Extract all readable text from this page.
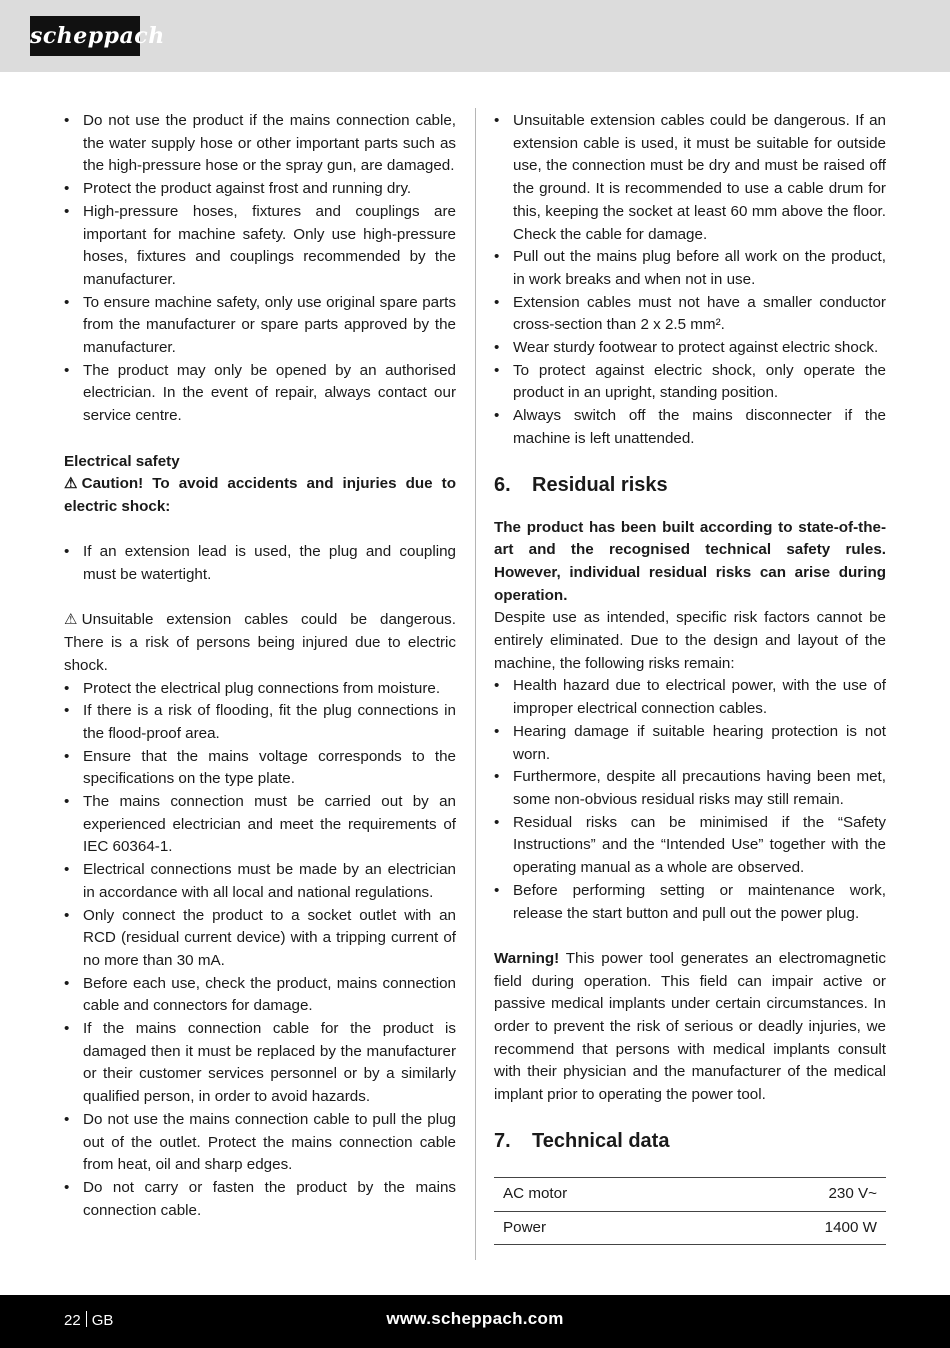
scheppach
• Do not use the product if the mains connection cable, the water supply hose or other important parts such as the high-pressure hose or the spray gun, are damaged.
• Protect the product against frost and running dry.
• High-pressure hoses, fixtures and couplings are important for machine safety. Only use high-pressure hoses, fixtures and couplings recommended by the manufacturer.
• To ensure machine safety, only use original spare parts from the manufacturer or spare parts approved by the manufacturer.
• The product may only be opened by an authorised electrician. In the event of repair, always contact our service centre.

Electrical safety

⚠ Caution! To avoid accidents and injuries due to electric shock:

• If an extension lead is used, the plug and coupling must be watertight.

⚠ Unsuitable extension cables could be dangerous. There is a risk of persons being injured due to electric shock.

• Protect the electrical plug connections from moisture.
• If there is a risk of flooding, fit the plug connections in the flood-proof area.
• Ensure that the mains voltage corresponds to the specifications on the type plate.
• The mains connection must be carried out by an experienced electrician and meet the requirements of IEC 60364-1.
• Electrical connections must be made by an electrician in accordance with all local and national regulations.
• Only connect the product to a socket outlet with an RCD (residual current device) with a tripping current of no more than 30 mA.
• Before each use, check the product, mains connection cable and connectors for damage.
• If the mains connection cable for the product is damaged then it must be replaced by the manufacturer or their customer services personnel or by a similarly qualified person, in order to avoid hazards.
• Do not use the mains connection cable to pull the plug out of the outlet. Protect the mains connection cable from heat, oil and sharp edges.
• Do not carry or fasten the product by the mains connection cable.
• Unsuitable extension cables could be dangerous. If an extension cable is used, it must be suitable for outside use, the connection must be dry and must be raised off the ground. It is recommended to use a cable drum for this, keeping the socket at least 60 mm above the floor. Check the cable for damage.
• Pull out the mains plug before all work on the product, in work breaks and when not in use.
• Extension cables must not have a smaller conductor cross-section than 2 x 2.5 mm².
• Wear sturdy footwear to protect against electric shock.
• To protect against electric shock, only operate the product in an upright, standing position.
• Always switch off the mains disconnecter if the machine is left unattended.
6. Residual risks

The product has been built according to state-of-the-art and the recognised technical safety rules. However, individual residual risks can arise during operation.

Despite use as intended, specific risk factors cannot be entirely eliminated. Due to the design and layout of the machine, the following risks remain:

• Health hazard due to electrical power, with the use of improper electrical connection cables.
• Hearing damage if suitable hearing protection is not worn.
• Furthermore, despite all precautions having been met, some non-obvious residual risks may still remain.
• Residual risks can be minimised if the “Safety Instructions” and the “Intended Use” together with the operating manual as a whole are observed.
• Before performing setting or maintenance work, release the start button and pull out the power plug.

Warning! This power tool generates an electromagnetic field during operation. This field can impair active or passive medical implants under certain circumstances. In order to prevent the risk of serious or deadly injuries, we recommend that persons with medical implants consult with their physician and the manufacturer of the medical implant prior to operating the power tool.

7. Technical data
AC motor	230 V~
Power	1400 W
22 GB	www.scheppach.com
